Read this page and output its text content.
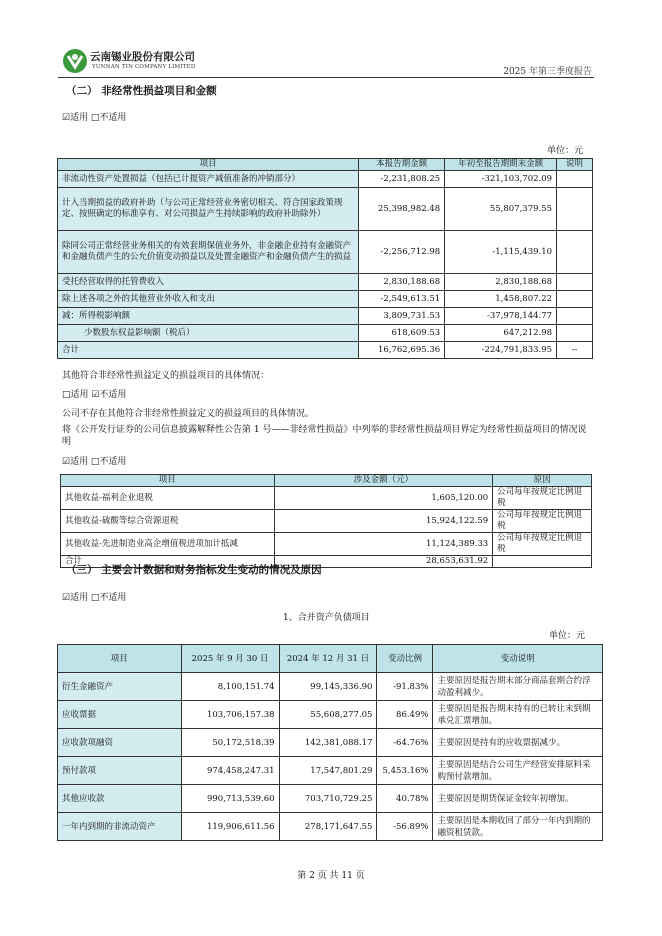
云南锡业股份有限公司
YUNNAN TIN COMPANY LIMITED	2025 年第三季度报告
（二） 非经常性损益项目和金额
☑适用 □不适用
单位：元
项目	本报告期金额	年初至报告期期末金额	说明
非流动性资产处置损益（包括已计提资产减值准备的冲销部分）	-2,231,808.25	-321,103,702.09	
计入当期损益的政府补助（与公司正常经营业务密切相关、符合国家政策规定、按照确定的标准享有、对公司损益产生持续影响的政府补助除外）	25,398,982.48	55,807,379.55	
除同公司正常经营业务相关的有效套期保值业务外，非金融企业持有金融资产和金融负债产生的公允价值变动损益以及处置金融资产和金融负债产生的损益	-2,256,712.98	-1,115,439.10	
受托经营取得的托管费收入	2,830,188.68	2,830,188.68	
除上述各项之外的其他营业外收入和支出	-2,549,613.51	1,458,807.22	
减：所得税影响额	3,809,731.53	-37,978,144.77	
少数股东权益影响额（税后）	618,609.53	647,212.98	
合计	16,762,695.36	-224,791,833.95	--
其他符合非经常性损益定义的损益项目的具体情况：
□适用 ☑不适用
公司不存在其他符合非经常性损益定义的损益项目的具体情况。
将《公开发行证券的公司信息披露解释性公告第 1 号——非经常性损益》中列举的非经常性损益项目界定为经常性损益项目的情况说明
☑适用 □不适用
项目	涉及金额（元）	原因
其他收益-福利企业退税	1,605,120.00	公司每年按规定比例退税
其他收益-硫酸等综合资源退税	15,924,122.59	公司每年按规定比例退税
其他收益-先进制造业高企增值税进项加计抵减	11,124,389.33	公司每年按规定比例退税
合计	28,653,631.92	
（三） 主要会计数据和财务指标发生变动的情况及原因
☑适用 □不适用
1、合并资产负债项目
单位：元
项目	2025 年 9 月 30 日	2024 年 12 月 31 日	变动比例	变动说明
衍生金融资产	8,100,151.74	99,145,336.90	-91.83%	主要原因是报告期末部分商品套期合约浮动盈利减少。
应收票据	103,706,157.38	55,608,277.05	86.49%	主要原因是报告期末持有的已转让未到期承兑汇票增加。
应收款项融资	50,172,518.39	142,381,088.17	-64.76%	主要原因是持有的应收票据减少。
预付款项	974,458,247.31	17,547,801.29	5,453.16%	主要原因是结合公司生产经营安排原料采购预付款增加。
其他应收款	990,713,539.60	703,710,729.25	40.78%	主要原因是期货保证金较年初增加。
一年内到期的非流动资产	119,906,611.56	278,171,647.55	-56.89%	主要原因是本期收回了部分一年内到期的融资租赁款。
第 2 页 共 11 页
